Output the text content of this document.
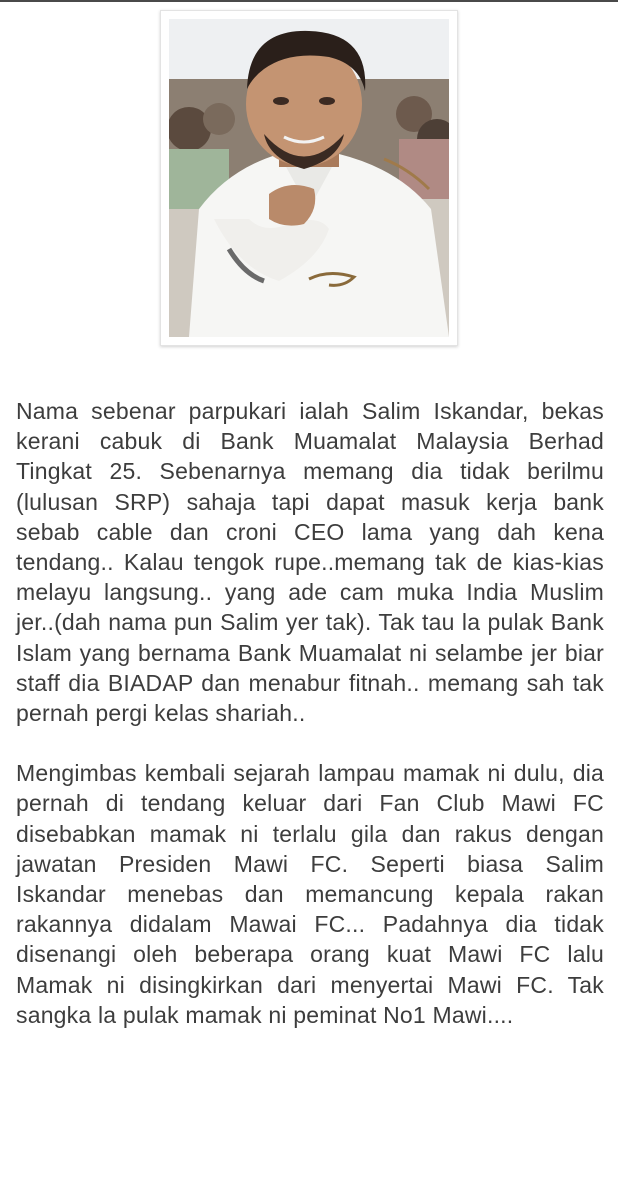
Nama sebenar parpukari ialah Salim Iskandar, bekas kerani cabuk di Bank Muamalat Malaysia Berhad Tingkat 25. Sebenarnya memang dia tidak berilmu (lulusan SRP) sahaja tapi dapat masuk kerja bank sebab cable dan croni CEO lama yang dah kena tendang.. Kalau tengok rupe..memang tak de kias-kias melayu langsung.. yang ade cam muka India Muslim jer..(dah nama pun Salim yer tak). Tak tau la pulak Bank Islam yang bernama Bank Muamalat ni selambe jer biar staff dia BIADAP dan menabur fitnah.. memang sah tak pernah pergi kelas shariah..

Mengimbas kembali sejarah lampau mamak ni dulu, dia pernah di tendang keluar dari Fan Club Mawi FC disebabkan mamak ni terlalu gila dan rakus dengan jawatan Presiden Mawi FC. Seperti biasa Salim Iskandar menebas dan memancung kepala rakan rakannya didalam Mawai FC... Padahnya dia tidak disenangi oleh beberapa orang kuat Mawi FC lalu Mamak ni disingkirkan dari menyertai Mawi FC. Tak sangka la pulak mamak ni peminat No1 Mawi....
